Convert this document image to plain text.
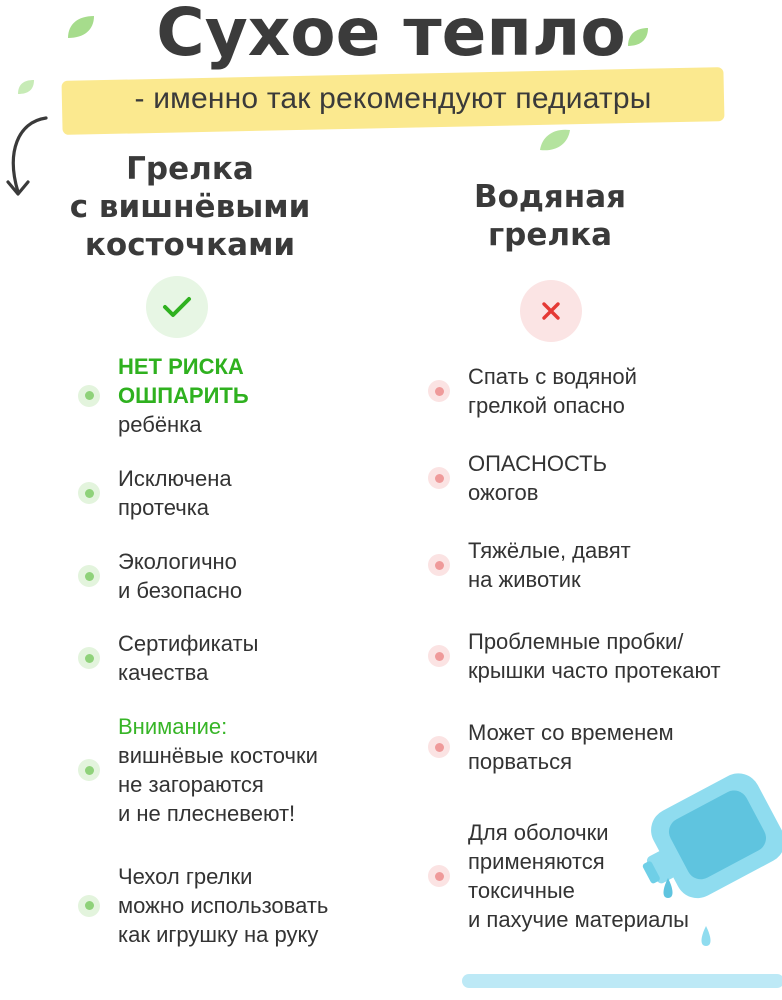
Сухое тепло
- именно так рекомендуют педиатры
Грелка
с вишнёвыми
косточками
Водяная
грелка
НЕТ РИСКА
ОШПАРИТЬ
ребёнка
Исключена
протечка
Экологично
и безопасно
Сертификаты
качества
Внимание:
вишнёвые косточки
не загораются
и не плесневеют!
Чехол грелки
можно использовать
как игрушку на руку
Спать с водяной
грелкой опасно
ОПАСНОСТЬ
ожогов
Тяжёлые, давят
на животик
Проблемные пробки/
крышки часто протекают
Может со временем
порваться
Для оболочки
применяются
токсичные
и пахучие материалы
